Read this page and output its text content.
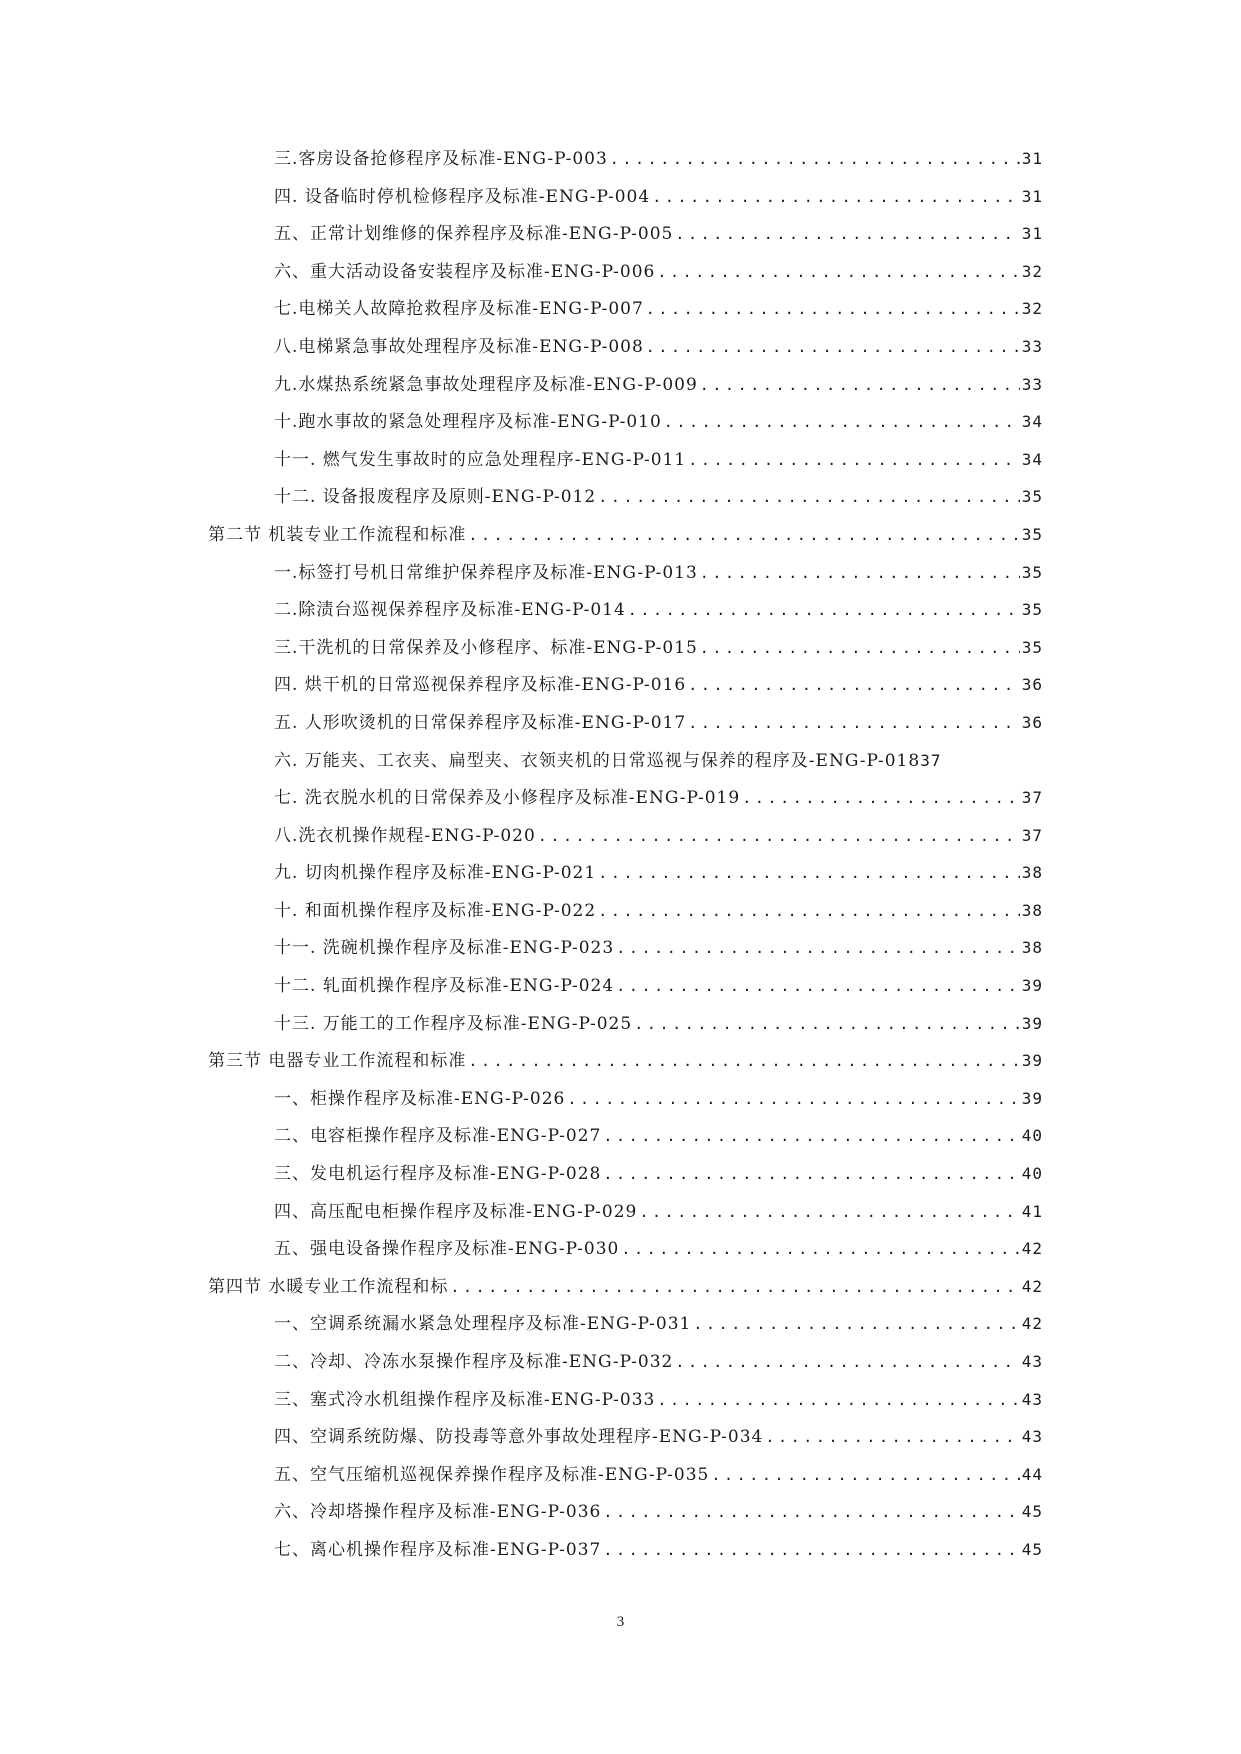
三.客房设备抢修程序及标准-ENG-P-003 .....	31
四. 设备临时停机检修程序及标准-ENG-P-004 .....	31
五、正常计划维修的保养程序及标准-ENG-P-005 .....	31
六、重大活动设备安装程序及标准-ENG-P-006 .....	32
七.电梯关人故障抢救程序及标准-ENG-P-007 .....	32
八.电梯紧急事故处理程序及标准-ENG-P-008 .....	33
九.水煤热系统紧急事故处理程序及标准-ENG-P-009 .....	33
十.跑水事故的紧急处理程序及标准-ENG-P-010 .....	34
十一. 燃气发生事故时的应急处理程序-ENG-P-011 .....	34
十二. 设备报废程序及原则-ENG-P-012 .....	35
第二节 机装专业工作流程和标准 .....	35
一.标签打号机日常维护保养程序及标准-ENG-P-013 .....	35
二.除渍台巡视保养程序及标准-ENG-P-014 .....	35
三.干洗机的日常保养及小修程序、标准-ENG-P-015 .....	35
四. 烘干机的日常巡视保养程序及标准-ENG-P-016 .....	36
五. 人形吹烫机的日常保养程序及标准-ENG-P-017 .....	36
六. 万能夹、工衣夹、扁型夹、衣领夹机的日常巡视与保养的程序及-ENG-P-018 37
七. 洗衣脱水机的日常保养及小修程序及标准-ENG-P-019 .....	37
八.洗衣机操作规程-ENG-P-020 .....	37
九. 切肉机操作程序及标准-ENG-P-021 .....	38
十. 和面机操作程序及标准-ENG-P-022 .....	38
十一. 洗碗机操作程序及标准-ENG-P-023 .....	38
十二. 轧面机操作程序及标准-ENG-P-024 .....	39
十三. 万能工的工作程序及标准-ENG-P-025 .....	39
第三节 电器专业工作流程和标准 .....	39
一、柜操作程序及标准-ENG-P-026 .....	39
二、电容柜操作程序及标准-ENG-P-027 .....	40
三、发电机运行程序及标准-ENG-P-028 .....	40
四、高压配电柜操作程序及标准-ENG-P-029 .....	41
五、强电设备操作程序及标准-ENG-P-030 .....	42
第四节 水暖专业工作流程和标 .....	42
一、空调系统漏水紧急处理程序及标准-ENG-P-031 .....	42
二、冷却、冷冻水泵操作程序及标准-ENG-P-032 .....	43
三、塞式冷水机组操作程序及标准-ENG-P-033 .....	43
四、空调系统防爆、防投毒等意外事故处理程序-ENG-P-034 .....	43
五、空气压缩机巡视保养操作程序及标准-ENG-P-035 .....	44
六、冷却塔操作程序及标准-ENG-P-036 .....	45
七、离心机操作程序及标准-ENG-P-037 .....	45
3
